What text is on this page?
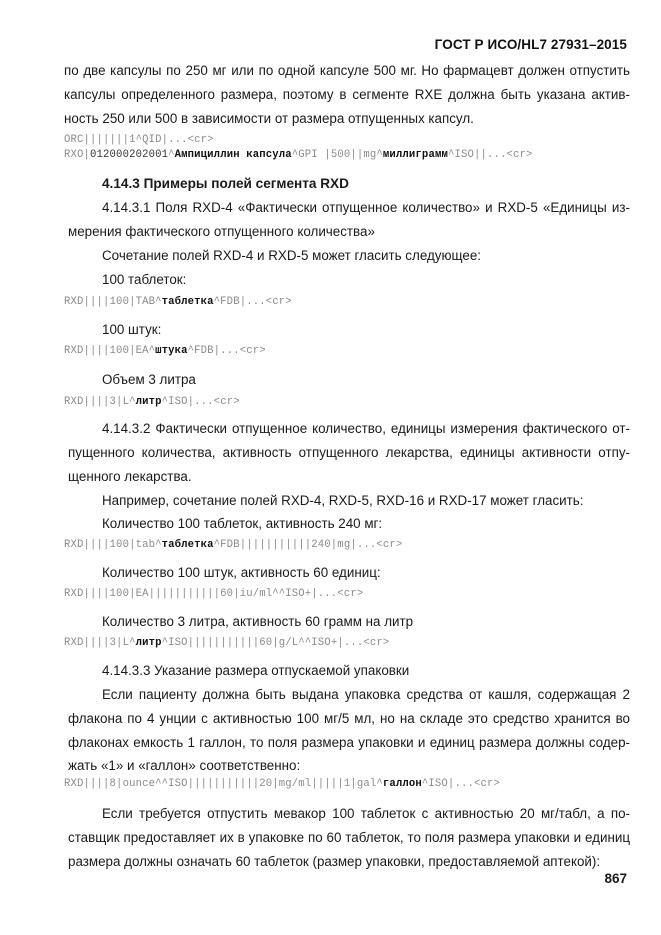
ГОСТ Р ИСО/HL7 27931–2015
по две капсулы по 250 мг или по одной капсуле 500 мг. Но фармацевт должен отпустить
капсулы определенного размера, поэтому в сегменте RXE должна быть указана актив-
ность 250 или 500 в зависимости от размера отпущенных капсул.
ORC|||||||1^QID|...<cr>
RXO|012000202001^Ампициллин капсула^GPI |500||mg^миллиграмм^ISO||...<cr>
4.14.3 Примеры полей сегмента RXD
4.14.3.1 Поля RXD-4 «Фактически отпущенное количество» и RXD-5 «Единицы из-
мерения фактического отпущенного количества»
Сочетание полей RXD-4 и RXD-5 может гласить следующее:
100 таблеток:
RXD||||100|TAB^таблетка^FDB|...<cr>
100 штук:
RXD||||100|EA^штука^FDB|...<cr>
Объем 3 литра
RXD||||3|L^литр^ISO|...<cr>
4.14.3.2 Фактически отпущенное количество, единицы измерения фактического от-
пущенного количества, активность отпущенного лекарства, единицы активности отпу-
щенного лекарства.
Например, сочетание полей RXD-4, RXD-5, RXD-16 и RXD-17 может гласить:
Количество 100 таблеток, активность 240 мг:
RXD||||100|tab^таблетка^FDB|||||||||||240|mg|...<cr>
Количество 100 штук, активность 60 единиц:
RXD||||100|EA|||||||||||60|iu/ml^^ISO+|...<cr>
Количество 3 литра, активность 60 грамм на литр
RXD||||3|L^литр^ISO|||||||||||60|g/L^^ISO+|...<cr>
4.14.3.3 Указание размера отпускаемой упаковки
Если пациенту должна быть выдана упаковка средства от кашля, содержащая 2
флакона по 4 унции с активностью 100 мг/5 мл, но на складе это средство хранится во
флаконах емкость 1 галлон, то поля размера упаковки и единиц размера должны содер-
жать «1» и «галлон» соответственно:
RXD||||8|ounce^^ISO|||||||||||20|mg/ml|||||1|gal^галлон^ISO|...<cr>
Если требуется отпустить мевакор 100 таблеток с активностью 20 мг/табл, а по-
ставщик предоставляет их в упаковке по 60 таблеток, то поля размера упаковки и единиц
размера должны означать 60 таблеток (размер упаковки, предоставляемой аптекой):
867
